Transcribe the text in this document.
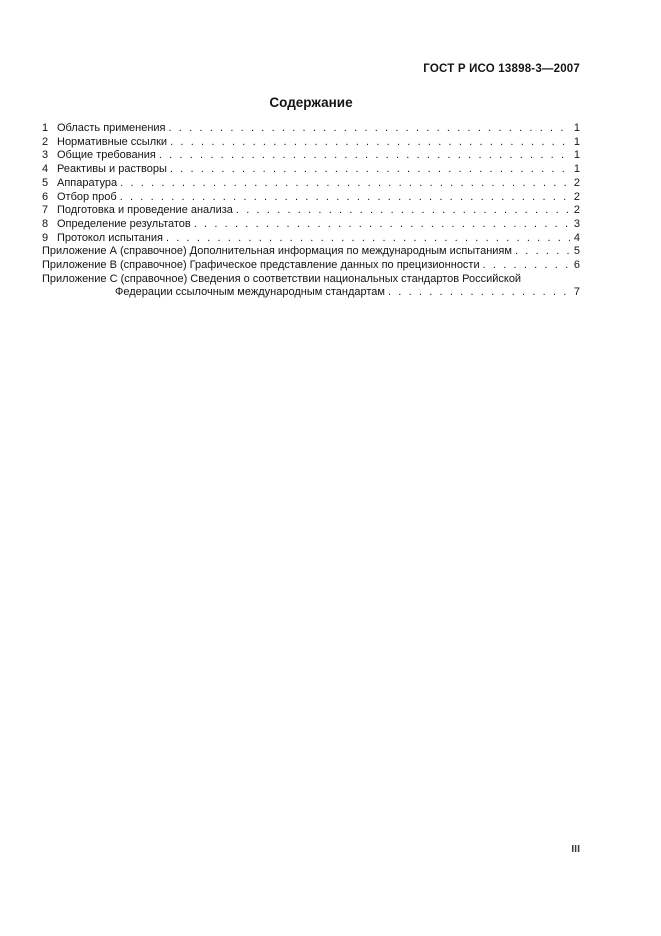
ГОСТ Р ИСО 13898-3—2007
Содержание
1 Область применения . . .	1
2 Нормативные ссылки . . .	1
3 Общие требования . . .	1
4 Реактивы и растворы . . .	1
5 Аппаратура . . .	2
6 Отбор проб . . .	2
7 Подготовка и проведение анализа . . .	2
8 Определение результатов . . .	3
9 Протокол испытания . . .	4
Приложение А (справочное) Дополнительная информация по международным испытаниям . . .	5
Приложение В (справочное) Графическое представление данных по прецизионности . . .	6
Приложение С (справочное) Сведения о соответствии национальных стандартов Российской
Федерации ссылочным международным стандартам . . .	7
III
